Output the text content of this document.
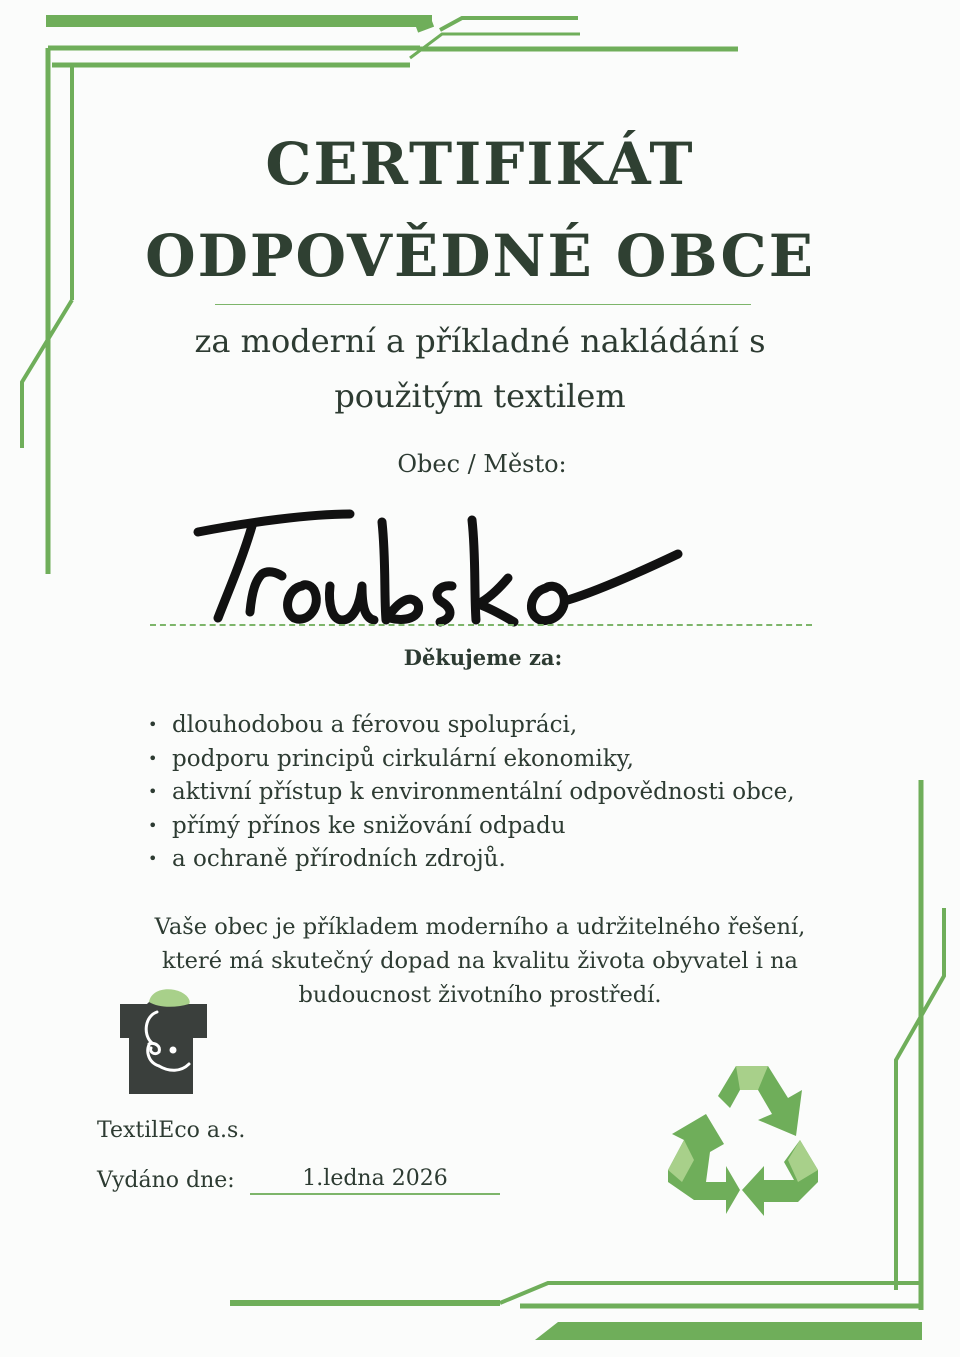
CERTIFIKÁT
ODPOVĚDNÉ OBCE
za moderní a příkladné nakládání s použitým textilem
Obec / Město:
Děkujeme za:
• dlouhodobou a férovou spolupráci,
• podporu principů cirkulární ekonomiky,
• aktivní přístup k environmentální odpovědnosti obce,
• přímý přínos ke snižování odpadu
• a ochraně přírodních zdrojů.
Vaše obec je příkladem moderního a udržitelného řešení, které má skutečný dopad na kvalitu života obyvatel i na budoucnost životního prostředí.
TextilEco a.s.
Vydáno dne:	1.ledna 2026
